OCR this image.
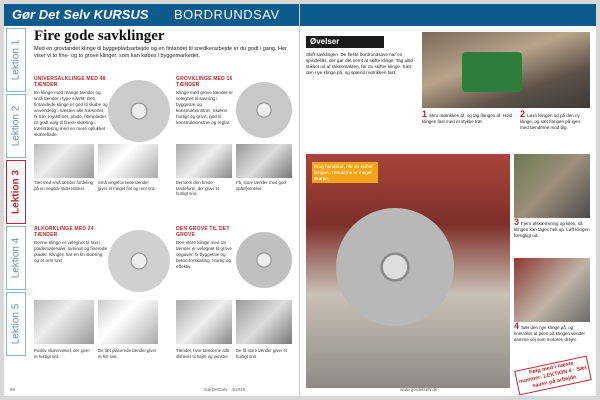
Gør Det Selv KURSUS BORDRUNDSAV
Lektion 1
Lektion 2
Lektion 3
Lektion 4
Lektion 5
Fire gode savklinger
Med en grovtandet klinge til byggepladsarbejde og en fintandet til snedkerarbejde er du godt i gang. Her viser vi to fine- og to grove klinger, som kan købes i byggemarkedet.
UNIVERSALKLINGE MED 48 TÆNDER
En klinge med mange tænder og små tænder i type A/WM. Den fintandede klinge er god til skabe og anvendelig i næsten alle træsorter, fx træ, krydsfiner, plade, fiberplader. Et godt valg til finere skæring i træ/skæring med en mere oplukket skæreflade.
Tæt med små tænder fordeling på en negativ skærevinkel.
Små vingeformede tænder giver et meget fint og rent snit.
GROVKLINGE MED 16 TÆNDER
Klinge med grove tænder er velegnet til savning i byggetræ og konstruktionstræ. Skærer hurtigt og grovt, god til konstruktionstræ og reglar.
Bemærk den brede tandeform, der giver et hurtigt snit.
Få, store tænder med god spånfjernelse.
ALKORKLINGE MED 24 TÆNDER
Denne klinge er velegnet til snit i pladematerialer, laminat og finerede plader. Klingen har en fin skæring og et rent snit.
Positiv skærevinkel, der giver et hurtigt snit.
De tæt placerede tænder giver et fint snit.
DEN GROVE TIL DET GROVE
Den store klinge med 16 tænder er velegnet til grove opgaver, fx byggetræ og beton-forskalling. Hurtig og effektiv.
Tænder, hvor tænderne står skiftevis til højre og venstre.
De få store tænder giver et hurtigt snit.
86	GørDetSelv · 4/2010
Øvelser
Skift savklingen. De fleste bordrundsave har en spindellås, der gør det nemt at skifte klinge. Tag altid stikket ud af stikkontakten, før du skifter klinge. Sæt den nye klinge på, og spænd møtrikken fast.
2 Løsn klingen ud på den ny klinge, og sæt flangen på igen med tænderne mod dig.
1 Skru møtrikken af, og tag flangen af. Hold klingen fast med et stykke træ.
Brug handsker, når du skifter klingen. Tænderne er meget skarpe.
3 Fjern afskærmning og kilen, så klingen kan tages helt op. Løft klingen forsigtigt ud.
4 Sæt den nye klinge på, og kontroller at pilen på klingen vender samme vej som motoren drejer.
www.gordetselv.dk
Følg med i næste nummer: LEKTION 4 · Sæt saven på arbejde
